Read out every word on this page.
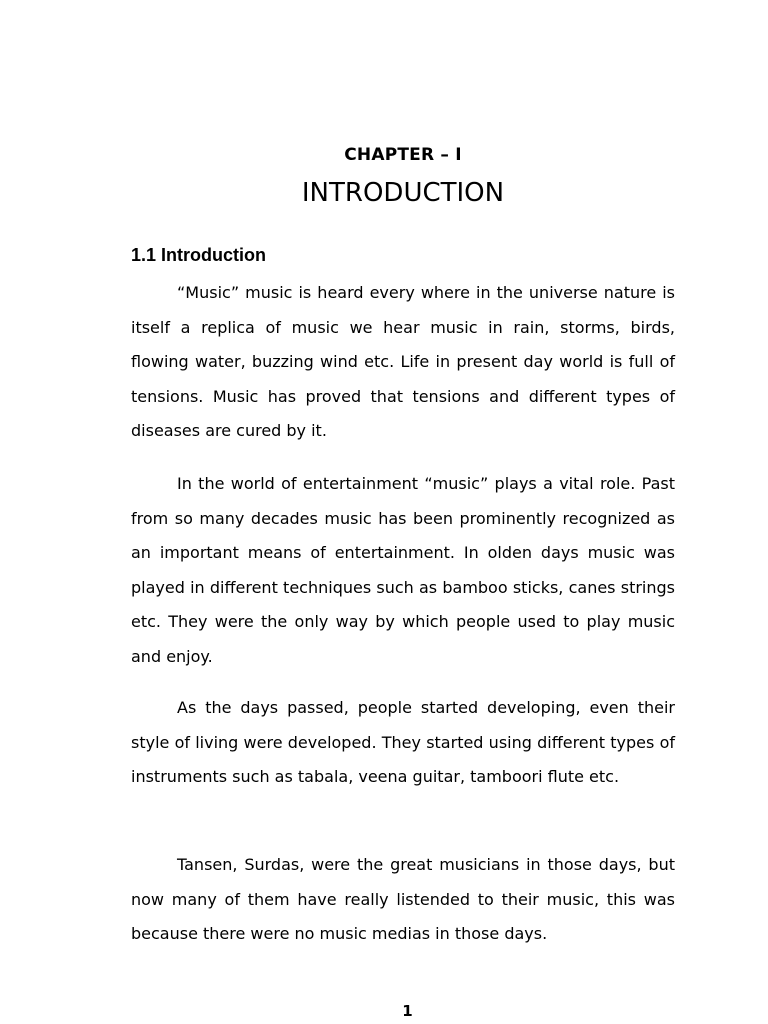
CHAPTER – I
INTRODUCTION
1.1 Introduction

“Music” music is heard every where in the universe nature is itself a replica of music we hear music in rain, storms, birds, flowing water, buzzing wind etc. Life in present day world is full of tensions. Music has proved that tensions and different types of diseases are cured by it.

In the world of entertainment “music” plays a vital role. Past from so many decades music has been prominently recognized as an important means of entertainment. In olden days music was played in different techniques such as bamboo sticks, canes strings etc. They were the only way by which people used to play music and enjoy.

As the days passed, people started developing, even their style of living were developed. They started using different types of instruments such as tabala, veena guitar, tamboori flute etc.

Tansen, Surdas, were the great musicians in those days, but now many of them have really listended to their music, this was because there were no music medias in those days.

1
